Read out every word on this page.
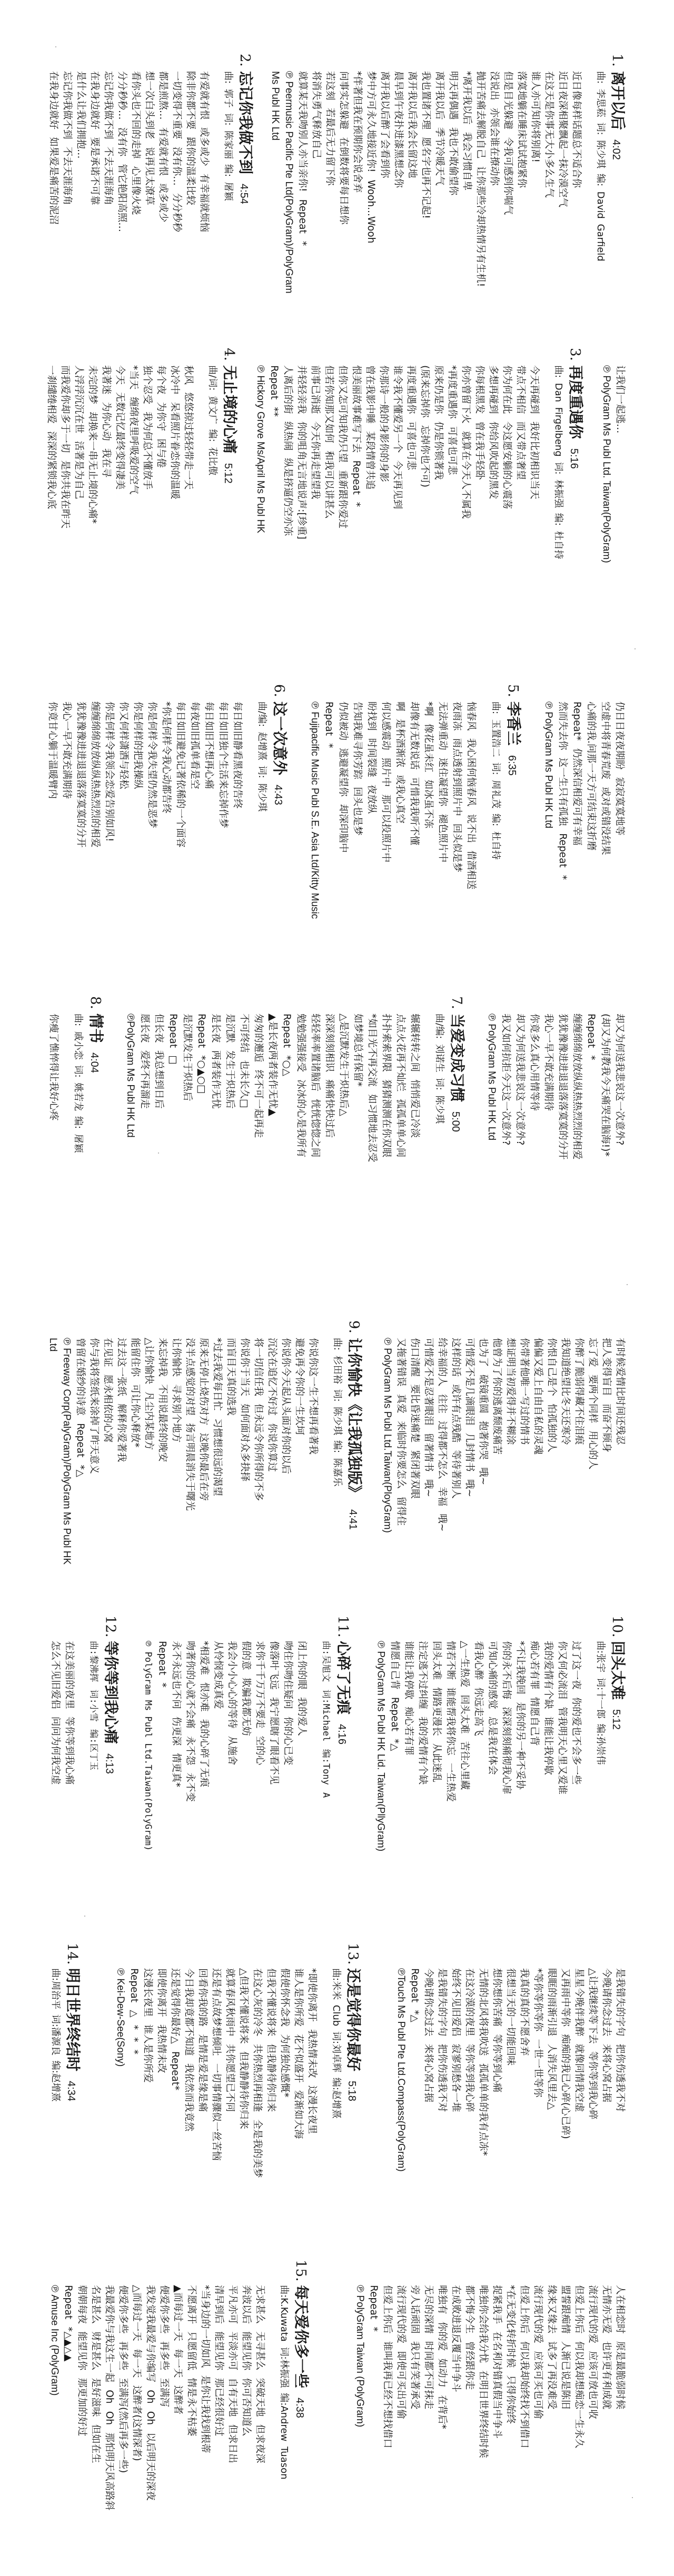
1.离开以后4:02
曲: 李思菘 词: 陈少琪 编: David Garfield
近日像每样话题总不适合你
近日夜深相聚飘起一抹冷漠空气
在这天是你事无大小多么生气
谁人亦可知你将别离!
落寞地躺在睡床试试抱紧你
但是目光躲避 令我可感到你喘气
没说出 亦领会谁在撩动你
抛开苦痛去解脱自己 让你那些冷却热情另有生机!
*离开我以后 我会习惯自卑
明天再偶遇 我也不敢偷望你
离开我以后 季节冷暖天气
我也置诸不理 愿名字也再不记起!
离开我以后我会长留这地
晨早到午夜扑进漆黑想念你
离开我以后醉了会看到你
梦中方可永久地接近你! Wooh...Wooh
*伴著但我在预期你会说舍弃
问事实怎躲避 在倒数将要每日想你
若这刻 若最后无力留下你
将消失勇气释放自己
就算某天我吻别人亦当亲你! Repeat *
℗ Peermusic Pacific Pte Ltd(PolyGram)/PolyGram
Ms Publ HK Ltd
2.忘记你我做不到4:54
曲: 郭子 词: 陈家丽 编: 屠颖
有爱就有恨 或多或少 有幸福就烦恼
除非你都不要 跟你的温柔比较
一切变得不重要 没有你… 分分秒秒
都是煎熬… 有爱就有恨 或多或少
想一次白头到老 说再见太潦草
看你头也不回的走掉 心里像火烧
分分秒秒… 没有你 管它艳阳高照…
忘记你我做不到 不去天涯海角
在我身边就好 要是承诺不可靠
是什么让我们拥抱…
忘记你我做不到 不去天涯海角
在我身边就好 如果爱是痛苦的泥沼
让我们一起逃…
℗ PolyGram Ms Publ Ltd. Taiwan(PolyGram)
3.再度重遇你5:16
曲: Dan Firgelbeng 词: 林振强 编: 杜自持
今天再碰到 我好比初相识当天
带点不相信 而又带点奢望
你为何在此 令这愿安躺的心震荡
多想再碰到 你给风吹起的黑发
你每根黑发 曾在我手轻卧
你亦曾留下火 就算在今天人不属我
*再度重遇你 可喜也可悲
原来仍是你 仍是你锁著我
(原来忘掉你 忘掉你也不可)
再度重遇你 可喜也可悲
谁令我不懂爱另一个 今天再见到
你那诗一般的身影你的身影
曾在我影中睡 某段情曾共追
恨美丽故事难写下去 Repeat *
但你又怎可知我仍只望 重新跟你爱过
但若你知那又如何 和我可以讲甚么
前事已消逝 今天你再走望望我
并轻轻亲我 你的咀角无言地说声:[珍重]
人离后的街 纵热闹 纵是挤逼仍空亦冻
Repeat **
℗ Hickory Grove Ms/April Ms Publ HK
4.无止境的心痛5:12
曲/词: 黄文广 编: 花比傲
秋风 悠悠掠过轻轻带走一天
冰冷中 呆看照片眷恋你的温暖
每个夜 为你守 困与倦
独个忍受 我为何总不懂放手
*当天 缠绵夜里呼吸爱的空气
今天 无数记忆最终变得凄美
我著迷 为你心动 我在寻
未完的梦 却换来一串无止境的心痛*
人浮浮沉沉在世 活著是为自己
而我爱你却多于一切 是你共我在昨天
一刹缱绻相爱 深深的紧锁我心底
仍日日夜夜期盼 寂寂寞寞地等
空虚中将青春荒废 或对或错没结果
心痛的我.问那一天方可结束这折磨
Repeat* 仍然深信相爱可有幸福
然而失去你 这一生只有孤独 Repeat *
℗ PolyGram Ms Publ HK Ltd
5.李香兰6:35
曲: 玉置浩二 词: 周礼茂 编: 杜自持
恼春风 我心困何恼春风 说不出 借酒相送
夜雨冻 雨点透射到照片中 回头似是梦
无法弹重动 迷住凝望你 褪色照片中
*啊 像花虽未红 如冰虽不冻
却像有无数说话 可惜我我听不懂
啊 是杯酒渐浓 或我心真空
何以感震动 照片中 那可以投照片中
盼找到 时间裂缝 夜放纵
告知我难寻你芳踪 回头也是梦
仍似被动 逃避凝望你 却深印脑中
Repeat *
℗ Fujipacific Music Publ S.E. Asia Ltd/Kitty Music
6.这一次意外4:43
曲/编: 赵增熹 词: 陈少琪
每日如旧静看黑夜的告终
每日如旧独个生活来忘掉作梦
每日如旧不想再心痛
每夜如旧孤单看是空
每日如旧避免记著依稀的一个面容
*你是何样令我心动都告终
你是何样令我失望仍然是恶梦
你是何样的把我操纵
你又何样潇洒与轻松
你是何样令我领会恋爱告别如风!
缠缠绵绵放放纵纵热热烈烈的相爱
犹犹豫豫进进退退落落寞寞的分开
我心一早不敢充满期待
你竟甘心躺于温暖臂内
却又为何送我悲哀这一次意外?
(却又为何教我今天痛哭在脑海!)*
Repeat *
缠缠绵绵放放纵纵热热烈烈的相爱
犹犹豫豫进进退退落落寞寞的分开
我心一早不敢充满期待
你竟多么真心用情等待
却又为何送我悲哀这一次意外?
我又如何抗拒今天这一次意外?
℗ PolyGram Ms Publ HK Ltd
7.当爱变成习惯5:00
曲/编: 刘诺生 词: 陈少琪
辗辗转转之间 悄悄爱已冷淡
点点火花再不灿烂 孤孤单单心间
扑扑索索界限 猜猜测测在你双眼
*如目光不再交流 如习惯地去忍受
如梦境总有保留*
△是沉默发生于炽热后△
深深刻刻相识 痛痛快快过后
轻轻率率置诸脑后 恍恍惚惚之间
勉勉强强接受 冰冰的心是我所有
Repeat *○△
▲是长夜两者装作无忧▲
匆匆的邂逅 终不可一起再走
不可终结 也未长久□
是沉默 发生于炽热后
是长夜 两者装作无忧
Repeat *○▲○□
是沉默发生于炽热后
Repeat □
但长夜 我总想到日后
愿长夜 爱终不再溜走
℗PolyGram Ms Publ HK Ltd
8.情书4:04
曲: 戚小恋 词: 姚若龙 编: 屠颖
你瘦了憔悴得让我好心疼
有时候爱情比时间还残忍
把人变得盲目 而奋不顾身
忘了爱 要两个同样 用心的人
你醉了脆弱得藏不住泪痕
我知道绝望比冬天还寒冷
你恨自己是个 怕孤独的人
偏偏又爱上自由自私的灵魂
你带著他唯一写过的情书
想证明当初爱得并不糊涂
他曾为了你的逃离颓废痛苦
也为了 破镜重圆 抱著你哭 哦~
可惜爱不是几滴眼泪 几封情书 哦~
这样的话 或许有点残酷 等待著别人
给幸福的人 往往 过得都不怎么 幸福 哦~
可惜爱不是忍著眼泪 留著情书 哦~
伤口清醒 要比昏迷痛楚 紧闭著双眼
又拖著错误 真爱 来临时你要怎么 留得住
℗ PolyGram Ms Publ Ltd.Taiwan(PloyGram)
9.让你愉快《让我孤独版》4:41
曲: 杉田裕 词: 陈少琪 编: 陈嘉乐
你说你这一生不想再看著我
避免再令你的一生坎坷
你说你今天起从头面对你的以后
沉沦在追忆不好过 你说你算过
将一切信任我 但永远令你所得的不多
你说你于当天 如何面对众多抉择
而盲目天真的选我
*过去我爱每日忙 习惯想很远的渴望
原来无停止烧伤对方 这晚你最后在旁
没半点感觉的对望 扬言明晨消失于曙光
让你愉快 寻求别个地方
来忘掉我 不用说最终的晚安
△让你愉快 凡尘内某地方
能留住你 可让你心释放*
过去这一张纸 解释你爱著我
在见证 愿永相依的心窝
你与我将签纸来涂掉了昨天意义
曾留在婚纱的诗意 Repeat *△
℗ Freeway Corp(PalyGram)/PolyGram Ms Publ HK
Ltd
10.回头太难5:12
曲:张宇 词:十一郎 编:孙崇伟
过了这一夜 你的爱也不会多一些
你又何必流泪 管我明天心里又爱谁
我的爱情有个缺 谁能让我停歇
痴心若有罪 情愿自己背
*不让我挽回 是你的另一种不妥协
你的永不后悔 深深刻刻痛彻我心扉
可知心痛的感觉 总是我在体会
看我心醉 你远走高飞
△一生热爱 回头太难 苦往心里藏
情若不断 谁能帮我将你忘 一生热爱
回头太难 情路更漫长 从此迷乱
注定逃不过纠缠 我的爱情有个缺
谁能让我停歇 痴心若有罪
情愿自己背 Repeat *△
℗ PolyGram Ms Publ HK Lid. Taiwan(PllyGram)
11.心碎了无痕4:16
曲:吴旭文 词:Michael 编:Tony A
闭上你的眼 我的爱人
吻住你吻住疑问 你的心已变
像落叶飞远 我宁愿瞎了眼看不见
求你千千万万不要走 空的心
假的意 欺骗我都无妨
我会小小心心的等待 从施舍
从怜悯变成真爱
*相爱难 恨亦难 我的心碎了无痕
吻著你的心就不会痛 永不怨 永不变
永不永远也不问 伤更深 情更真*
Repeat *
℗ PolyGram Ms Publ Ltd.Taiwan(PolyGram)
12.等你等到我心痛4:13
曲:黎沸挥 词:小雪 编:区丁玉
在这美丽的夜里 等你等到我心痛
怎么不见旧爱侣 问问为何我空虚
是我错失的字句 把你伤透我不对
今晚请你念过去 来将心窝占据
△让我继续等下去 等你等到我心碎
星星今晚伴我醉 就像同情我空虚
又再雨中等你 痴痴的我已心碎(心已碎)
眼眶的雨渐引退 人消失风里去△
*等你等你等你 一世一世等你
我真的真的不愿舍弃
很想当天的一切能回味
想你想你苦痛 等你等到心痛
无情的北风将我吹送 孤孤单单的我有点冻*
在这冷漠的夜里 等你等到我心碎
始终不见旧爱侣 寂寥别愁各一堆
是我错失的字句 把你伤透我不对
今晚请你念过去 来将心窝占据
Repeat *△
℗Touch Ms Publ Pte Ltd.Compass(PolyGram)
13.还是觉得你最好5:18
曲:米米 Club 词:刘卓辉 编:赵增熹
*即使你离开 我热情未改 这漫长夜里
谁人是你所爱 花不似盛开 爱渐如大海
假使你怀念我 为何独处感慨*
但我不懂说将来 但我静待你归来
在这心灰的冷冬 共你热烈再相逢 全是我的美梦
△但我不懂说将来 但我静静待你归来
就算春风秋雨中 共你愿望已不同
还是有点故梦想倾吐 一切事情骤似一丝苦恼
回看你我的路 是情是爱是缘是痛
今日我却竟都不知道 我依然而我竟然
还是觉得你最好△ Repeat*
即使你离开 我热情未改
这漫长夜里 谁人是你所爱
Repeat △ * * *
℗ Kei-Dew-See(Sony)
14.明日世界终结时4:34
曲:周治平 词:潘源良 编:赵增熹
人在相恋时 原是最脆弱时候
无情亦无爱 也许更有利成就
流行现代的爱 应该可放也可收
但爱上你后 何以我却想痴恋一生永久
盟誓跟痴情 人渐已说是陈旧
缘来又缘去 试多了再没难受
流行现代的爱 应该可买也可偷
但爱上你后 何以我却始终找不到借口
*在无变化转折时候 只得你始终
捉紧我手 在名利对错真假当中争斗
唯独你会给我分忧 在明日世界终结时候
都不悔今生 曾经跟你走
在成败进退反覆当中争斗
唯独有 你的爱 如动力 在背后*
无尽的深情 时间都不可抹走
旁人话顽固 我只有笑著承受
流行现代的爱 即使可买出可偷
但爱上你后 谁叫我再已经不想找借口
Repeat *
℗ PolyGram Taiwan (PolyGram)
15.每天爱你多一些4:38
曲:K.Kuwata 词:林振强 编:Andrew Tuason
无求甚么 无寻甚么 突破天地 但求夜深
奔波以后 能望见你 你可否知道么
平凡亦可 平淡亦可 自有天地 但求日出
清早到后 能望见你 那已经很好过
*当身边的一切如风 是你让我找到根蒂
不愿离开 只愿留低 情是永不枯萎
▲而每过一天 每一天 这醉者
便爱你多些 再多些 至满泻
我发觉我最爱与你编写 Oh Oh 以后明天的深夜
△而每过一天 每一天 这醉者(这情深者)
便爱你多些 再多些 至满泻(然后再多一些)
我最爱你与我这生一起 Oh Oh 那怕明天风高路斜
名是甚么 财是甚么 是好滋味 但如在生
朝朝每夜 能望见你 那更加的好过
Repeat *△▲△▲
℗ Amuse Inc (PolyGram)
